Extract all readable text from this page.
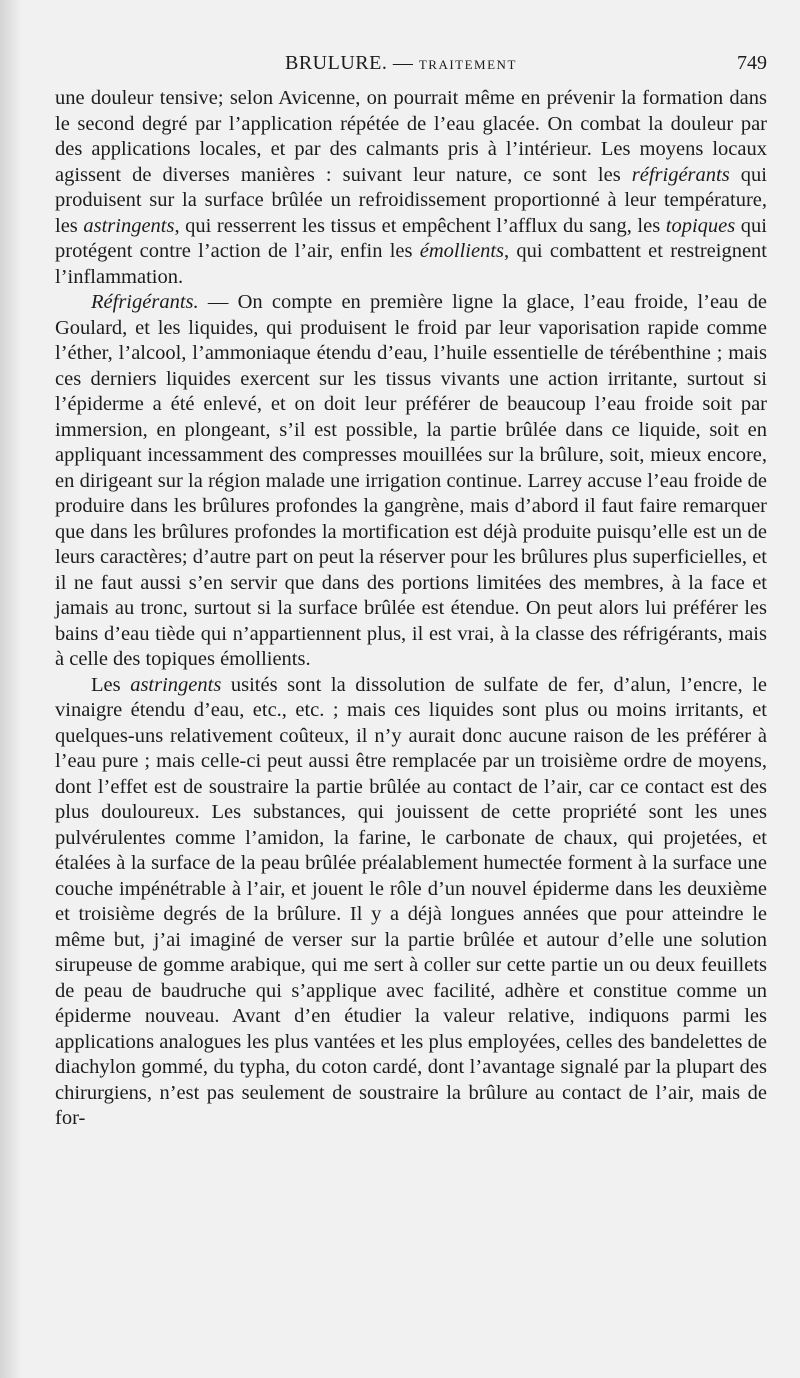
BRULURE. — TRAITEMENT	749

une douleur tensive; selon Avicenne, on pourrait même en prévenir la formation dans le second degré par l’application répétée de l’eau glacée. On combat la douleur par des applications locales, et par des calmants pris à l’intérieur. Les moyens locaux agissent de diverses manières : suivant leur nature, ce sont les réfrigérants qui produisent sur la surface brûlée un refroidissement proportionné à leur température, les astringents, qui resserrent les tissus et empêchent l’afflux du sang, les topiques qui protégent contre l’action de l’air, enfin les émollients, qui combattent et restreignent l’inflammation.

Réfrigérants. — On compte en première ligne la glace, l’eau froide, l’eau de Goulard, et les liquides, qui produisent le froid par leur vaporisation rapide comme l’éther, l’alcool, l’ammoniaque étendu d’eau, l’huile essentielle de térébenthine ; mais ces derniers liquides exercent sur les tissus vivants une action irritante, surtout si l’épiderme a été enlevé, et on doit leur préférer de beaucoup l’eau froide soit par immersion, en plongeant, s’il est possible, la partie brûlée dans ce liquide, soit en appliquant incessamment des compresses mouillées sur la brûlure, soit, mieux encore, en dirigeant sur la région malade une irrigation continue. Larrey accuse l’eau froide de produire dans les brûlures profondes la gangrène, mais d’abord il faut faire remarquer que dans les brûlures profondes la mortification est déjà produite puisqu’elle est un de leurs caractères; d’autre part on peut la réserver pour les brûlures plus superficielles, et il ne faut aussi s’en servir que dans des portions limitées des membres, à la face et jamais au tronc, surtout si la surface brûlée est étendue. On peut alors lui préférer les bains d’eau tiède qui n’appartiennent plus, il est vrai, à la classe des réfrigérants, mais à celle des topiques émollients.

Les astringents usités sont la dissolution de sulfate de fer, d’alun, l’encre, le vinaigre étendu d’eau, etc., etc. ; mais ces liquides sont plus ou moins irritants, et quelques-uns relativement coûteux, il n’y aurait donc aucune raison de les préférer à l’eau pure ; mais celle-ci peut aussi être remplacée par un troisième ordre de moyens, dont l’effet est de soustraire la partie brûlée au contact de l’air, car ce contact est des plus douloureux. Les substances, qui jouissent de cette propriété sont les unes pulvérulentes comme l’amidon, la farine, le carbonate de chaux, qui projetées, et étalées à la surface de la peau brûlée préalablement humectée forment à la surface une couche impénétrable à l’air, et jouent le rôle d’un nouvel épiderme dans les deuxième et troisième degrés de la brûlure. Il y a déjà longues années que pour atteindre le même but, j’ai imaginé de verser sur la partie brûlée et autour d’elle une solution sirupeuse de gomme arabique, qui me sert à coller sur cette partie un ou deux feuillets de peau de baudruche qui s’applique avec facilité, adhère et constitue comme un épiderme nouveau. Avant d’en étudier la valeur relative, indiquons parmi les applications analogues les plus vantées et les plus employées, celles des bandelettes de diachylon gommé, du typha, du coton cardé, dont l’avantage signalé par la plupart des chirurgiens, n’est pas seulement de soustraire la brûlure au contact de l’air, mais de for-
